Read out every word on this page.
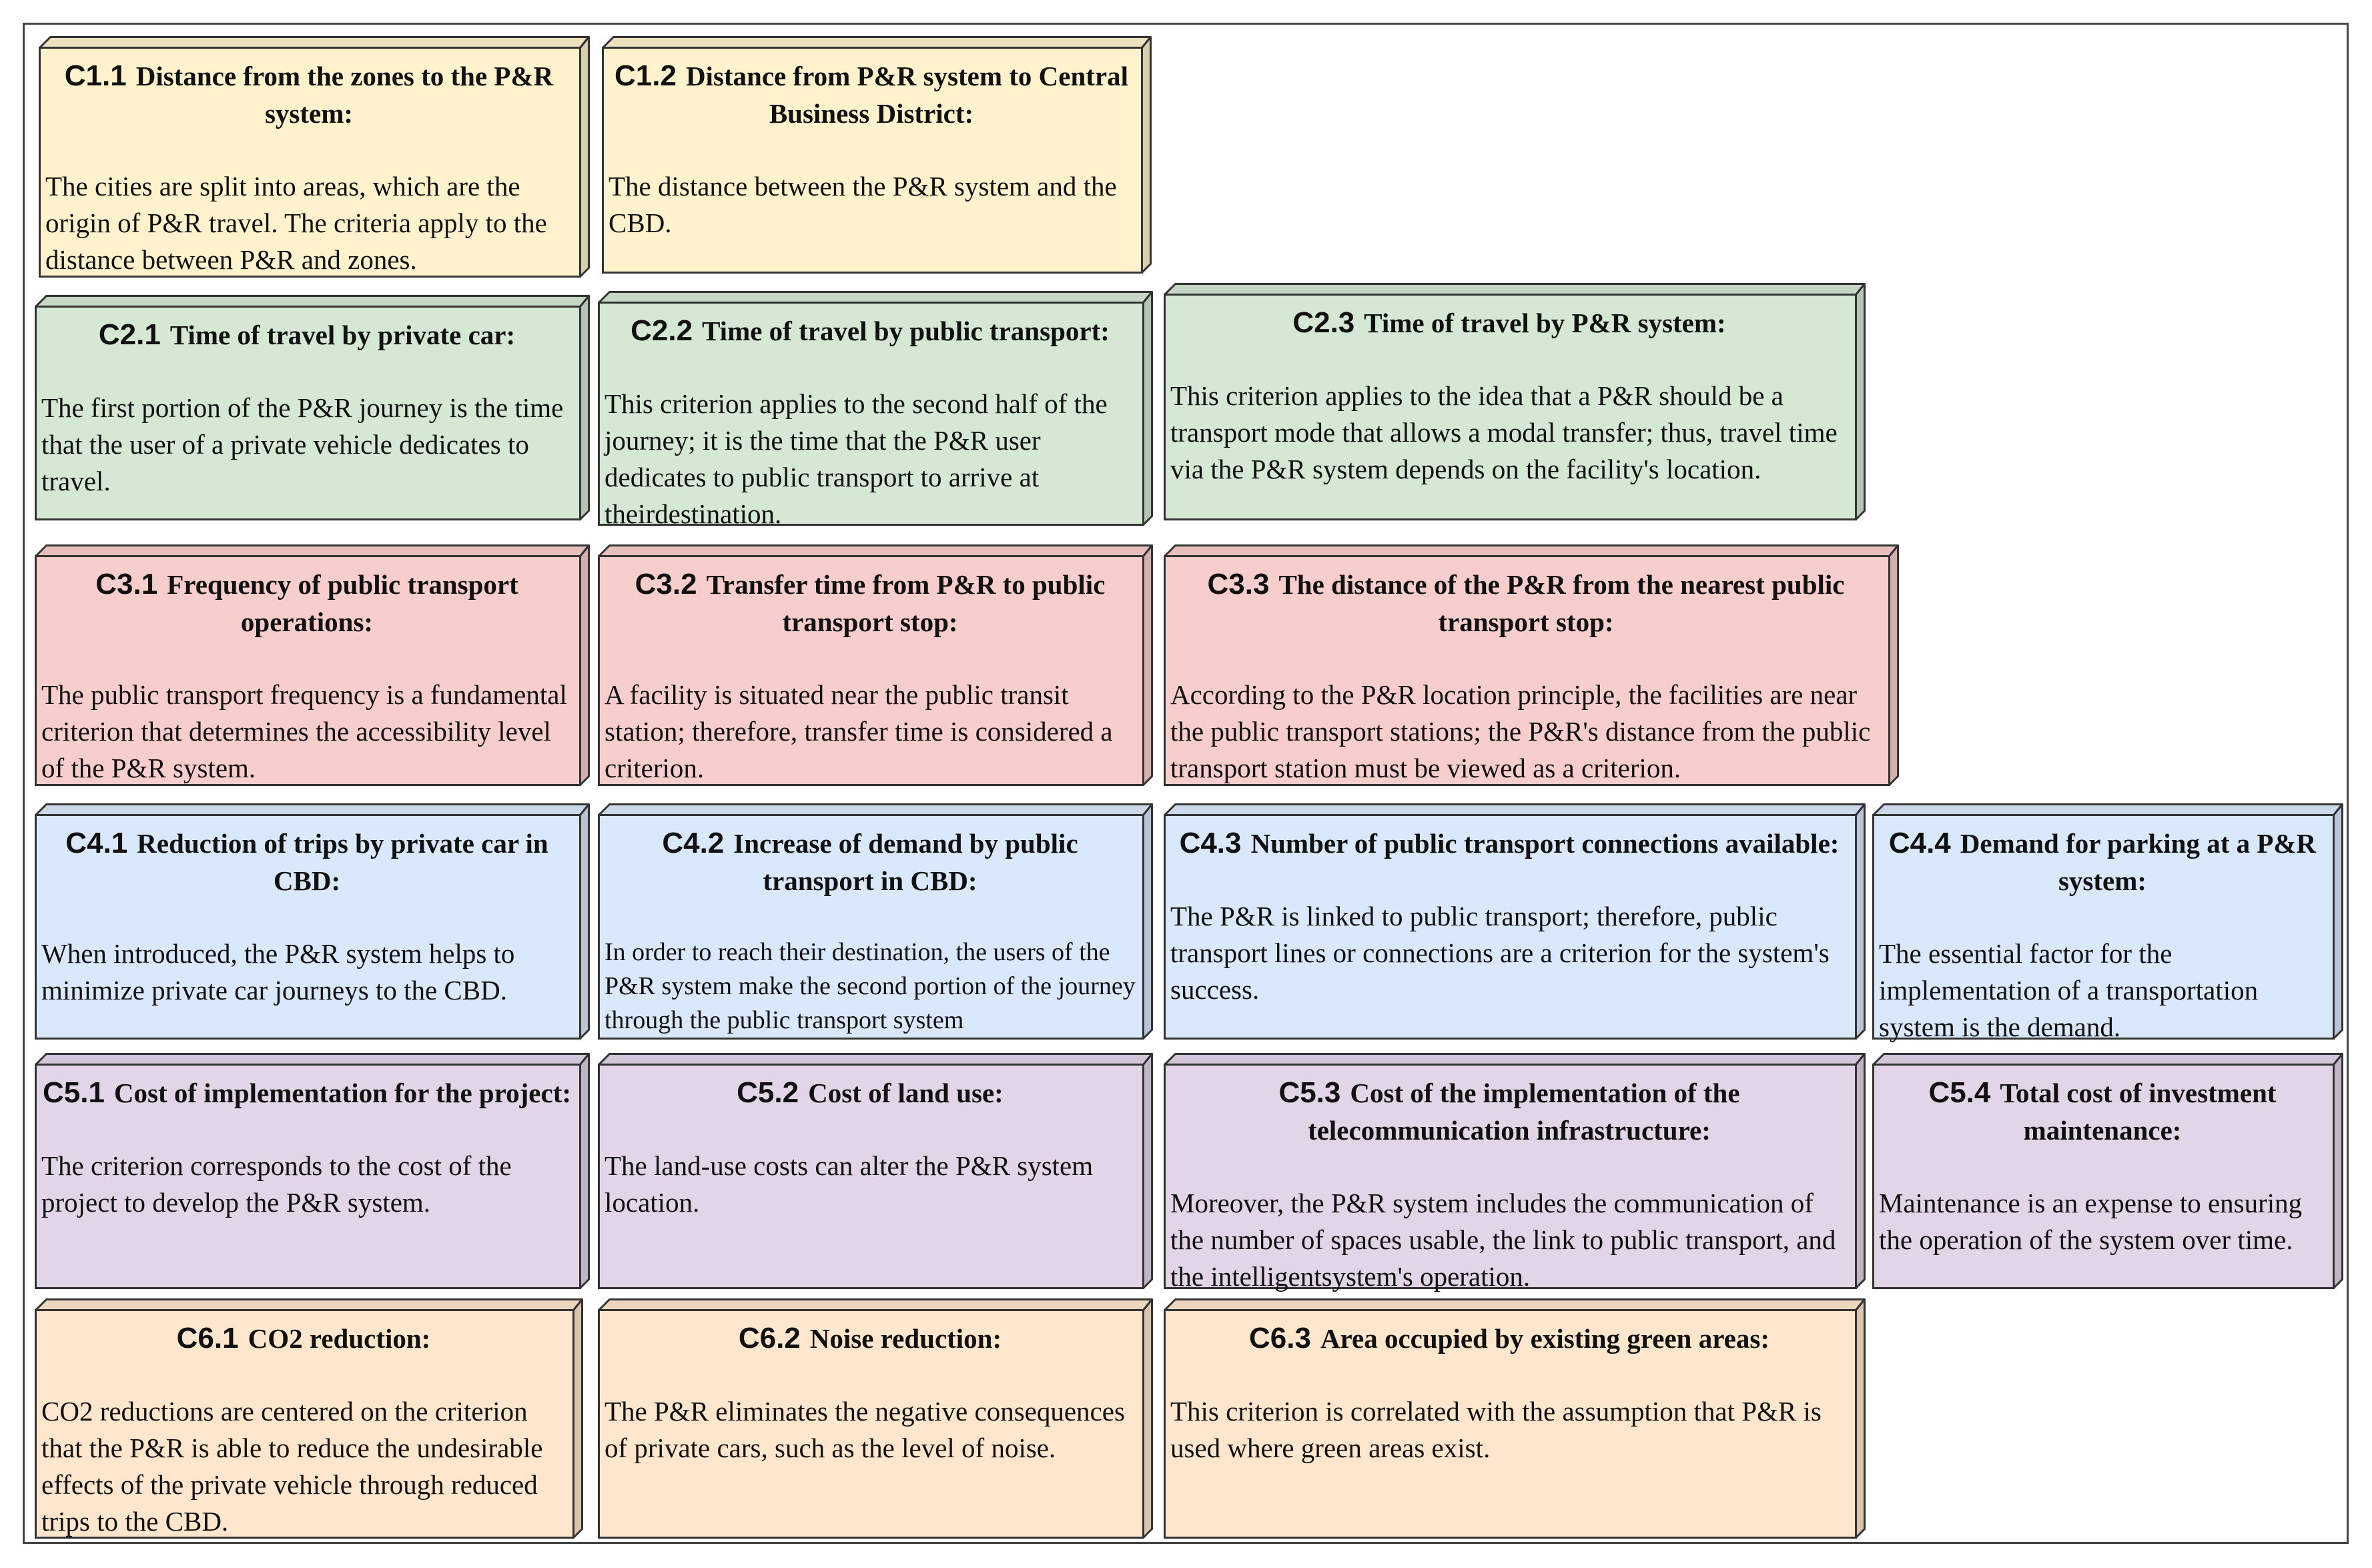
C1.1 Distance from the zones to the P&R system:
The cities are split into areas, which are the origin of P&R travel. The criteria apply to the distance between P&R and zones.
C1.2 Distance from P&R system to Central Business District:
The distance between the P&R system and the CBD.
C2.1 Time of travel by private car:
The first portion of the P&R journey is the time that the user of a private vehicle dedicates to travel.
C2.2 Time of travel by public transport:
This criterion applies to the second half of the journey; it is the time that the P&R user dedicates to public transport to arrive at theirdestination.
C2.3 Time of travel by P&R system:
This criterion applies to the idea that a P&R should be a transport mode that allows a modal transfer; thus, travel time via the P&R system depends on the facility's location.
C3.1 Frequency of public transport operations:
The public transport frequency is a fundamental criterion that determines the accessibility level of the P&R system.
C3.2 Transfer time from P&R to public transport stop:
A facility is situated near the public transit station; therefore, transfer time is considered a criterion.
C3.3 The distance of the P&R from the nearest public transport stop:
According to the P&R location principle, the facilities are near the public transport stations; the P&R's distance from the public transport station must be viewed as a criterion.
C4.1 Reduction of trips by private car in CBD:
When introduced, the P&R system helps to minimize private car journeys to the CBD.
C4.2 Increase of demand by public transport in CBD:
In order to reach their destination, the users of the P&R system make the second portion of the journey through the public transport system
C4.3 Number of public transport connections available:
The P&R is linked to public transport; therefore, public transport lines or connections are a criterion for the system's success.
C4.4 Demand for parking at a P&R system:
The essential factor for the implementation of a transportation system is the demand.
C5.1 Cost of implementation for the project:
The criterion corresponds to the cost of the project to develop the P&R system.
C5.2 Cost of land use:
The land-use costs can alter the P&R system location.
C5.3 Cost of the implementation of the telecommunication infrastructure:
Moreover, the P&R system includes the communication of the number of spaces usable, the link to public transport, and the intelligentsystem's operation.
C5.4 Total cost of investment maintenance:
Maintenance is an expense to ensuring the operation of the system over time.
C6.1 CO2 reduction:
CO2 reductions are centered on the criterion that the P&R is able to reduce the undesirable effects of the private vehicle through reduced trips to the CBD.
C6.2 Noise reduction:
The P&R eliminates the negative consequences of private cars, such as the level of noise.
C6.3 Area occupied by existing green areas:
This criterion is correlated with the assumption that P&R is used where green areas exist.
